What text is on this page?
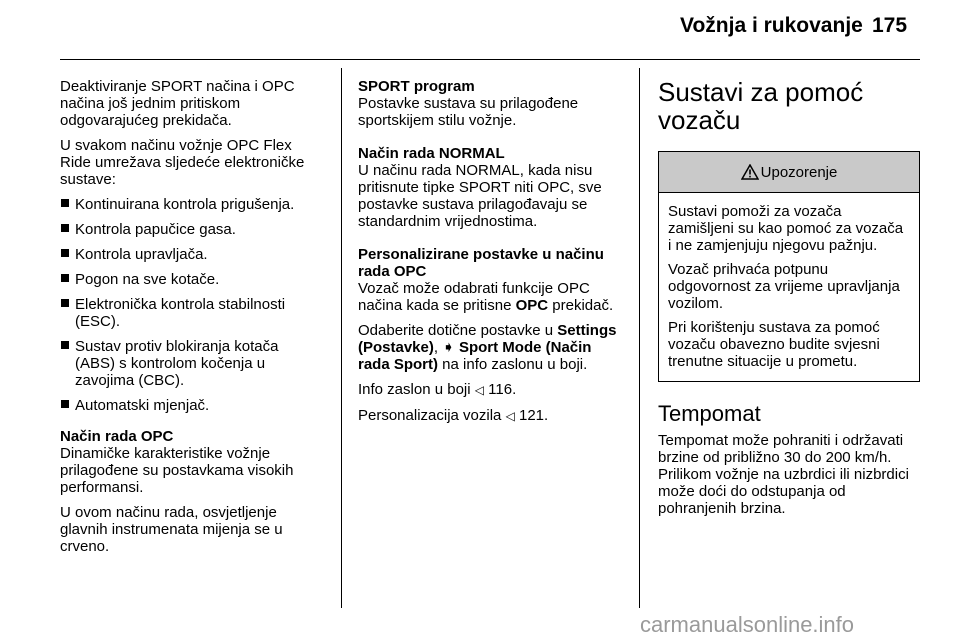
Vožnja i rukovanje 175

Deaktiviranje SPORT načina i OPC načina još jednim pritiskom odgovarajućeg prekidača.

U svakom načinu vožnje OPC Flex Ride umrežava sljedeće elektroničke sustave:

Kontinuirana kontrola prigušenja.
Kontrola papučice gasa.
Kontrola upravljača.
Pogon na sve kotače.
Elektronička kontrola stabilnosti (ESC).
Sustav protiv blokiranja kotača (ABS) s kontrolom kočenja u zavojima (CBC).
Automatski mjenjač.
Način rada OPC

Dinamičke karakteristike vožnje prilagođene su postavkama visokih performansi.

U ovom načinu rada, osvjetljenje glavnih instrumenata mijenja se u crveno.

SPORT program
Postavke sustava su prilagođene sportskijem stilu vožnje.
Način rada NORMAL
U načinu rada NORMAL, kada nisu pritisnute tipke SPORT niti OPC, sve postavke sustava prilagođavaju se standardnim vrijednostima.
Personalizirane postavke u načinu rada OPC

Vozač može odabrati funkcije OPC načina kada se pritisne OPC prekidač.

Odaberite dotične postavke u Settings (Postavke), ➧ Sport Mode (Način rada Sport) na info zaslonu u boji.

Info zaslon u boji ◁ 116.

Personalizacija vozila ◁ 121.

Sustavi za pomoć vozaču
Upozorenje

Sustavi pomoži za vozača zamišljeni su kao pomoć za vozača i ne zamjenjuju njegovu pažnju.

Vozač prihvaća potpunu odgovornost za vrijeme upravljanja vozilom.

Pri korištenju sustava za pomoć vozaču obavezno budite svjesni trenutne situacije u prometu.

Tempomat

Tempomat može pohraniti i održavati brzine od približno 30 do 200 km/h. Prilikom vožnje na uzbrdici ili nizbrdici može doći do odstupanja od pohranjenih brzina.

carmanualsonline.info
